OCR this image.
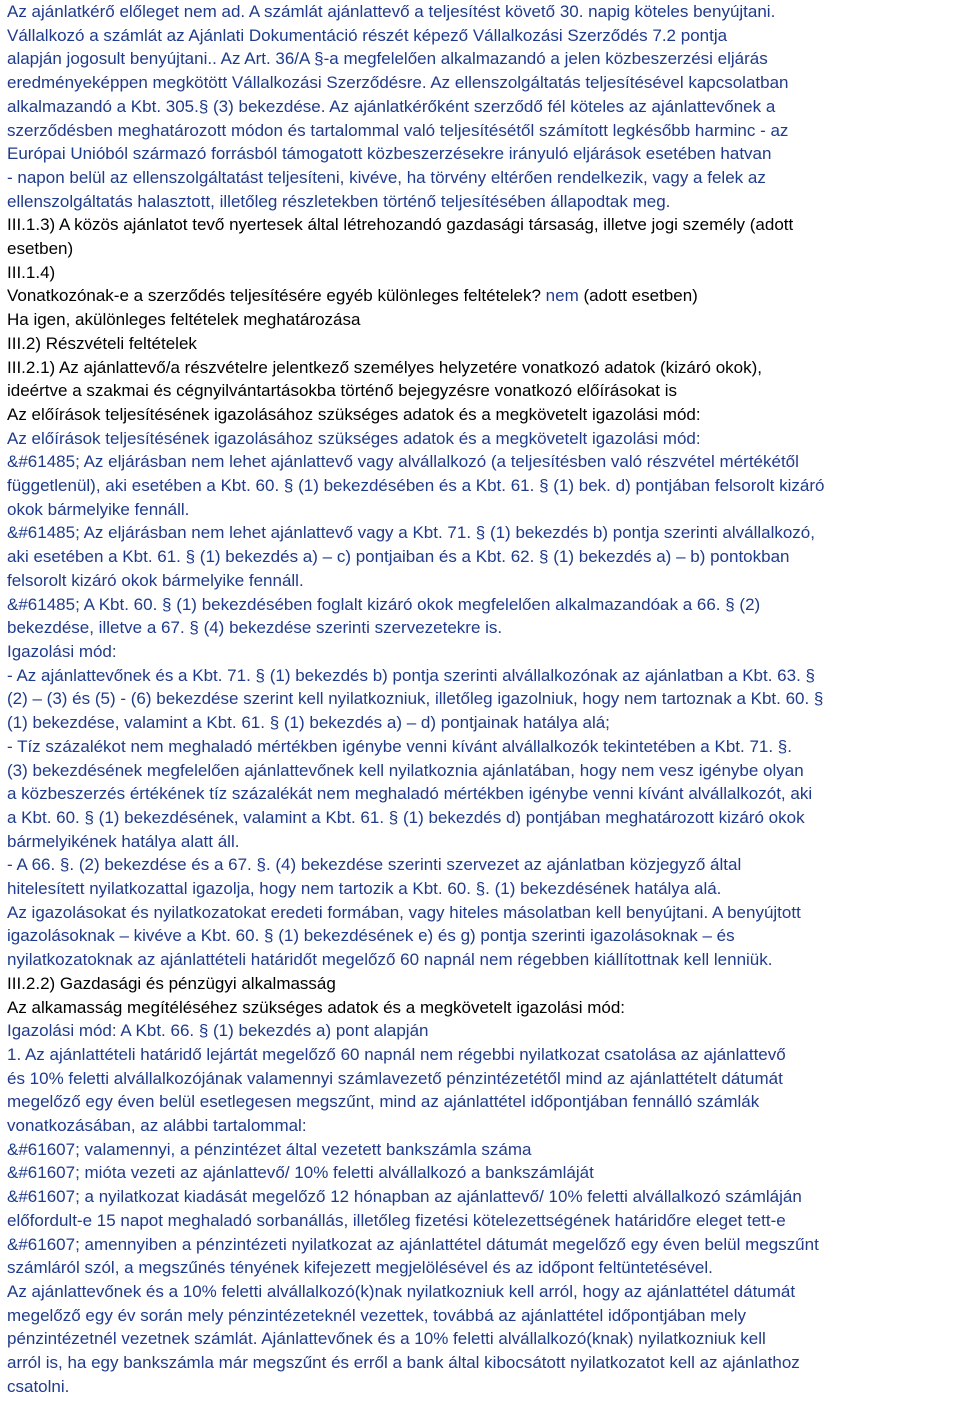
Az ajánlatkérő előleget nem ad. A számlát ajánlattevő a teljesítést követő 30. napig köteles benyújtani.
Vállalkozó a számlát az Ajánlati Dokumentáció részét képező Vállalkozási Szerződés 7.2 pontja
alapján jogosult benyújtani.. Az Art. 36/A §-a megfelelően alkalmazandó a jelen közbeszerzési eljárás
eredményeképpen megkötött Vállalkozási Szerződésre. Az ellenszolgáltatás teljesítésével kapcsolatban
alkalmazandó a Kbt. 305.§ (3) bekezdése. Az ajánlatkérőként szerződő fél köteles az ajánlattevőnek a
szerződésben meghatározott módon és tartalommal való teljesítésétől számított legkésőbb harminc - az
Európai Unióból származó forrásból támogatott közbeszerzésekre irányuló eljárások esetében hatvan
- napon belül az ellenszolgáltatást teljesíteni, kivéve, ha törvény eltérően rendelkezik, vagy a felek az
ellenszolgáltatás halasztott, illetőleg részletekben történő teljesítésében állapodtak meg.
III.1.3) A közös ajánlatot tevő nyertesek által létrehozandó gazdasági társaság, illetve jogi személy (adott
esetben)
III.1.4)
Vonatkozónak-e a szerződés teljesítésére egyéb különleges feltételek? nem (adott esetben)
Ha igen, akülönleges feltételek meghatározása
III.2) Részvételi feltételek
III.2.1) Az ajánlattevő/a részvételre jelentkező személyes helyzetére vonatkozó adatok (kizáró okok),
ideértve a szakmai és cégnyilvántartásokba történő bejegyzésre vonatkozó előírásokat is
Az előírások teljesítésének igazolásához szükséges adatok és a megkövetelt igazolási mód:
Az előírások teljesítésének igazolásához szükséges adatok és a megkövetelt igazolási mód:
&#61485; Az eljárásban nem lehet ajánlattevő vagy alvállalkozó (a teljesítésben való részvétel mértékétől
függetlenül), aki esetében a Kbt. 60. § (1) bekezdésében és a Kbt. 61. § (1) bek. d) pontjában felsorolt kizáró
okok bármelyike fennáll.
&#61485; Az eljárásban nem lehet ajánlattevő vagy a Kbt. 71. § (1) bekezdés b) pontja szerinti alvállalkozó,
aki esetében a Kbt. 61. § (1) bekezdés a) – c) pontjaiban és a Kbt. 62. § (1) bekezdés a) – b) pontokban
felsorolt kizáró okok bármelyike fennáll.
&#61485; A Kbt. 60. § (1) bekezdésében foglalt kizáró okok megfelelően alkalmazandóak a 66. § (2)
bekezdése, illetve a 67. § (4) bekezdése szerinti szervezetekre is.
Igazolási mód:
- Az ajánlattevőnek és a Kbt. 71. § (1) bekezdés b) pontja szerinti alvállalkozónak az ajánlatban a Kbt. 63. §
(2) – (3) és (5) - (6) bekezdése szerint kell nyilatkozniuk, illetőleg igazolniuk, hogy nem tartoznak a Kbt. 60. §
(1) bekezdése, valamint a Kbt. 61. § (1) bekezdés a) – d) pontjainak hatálya alá;
- Tíz százalékot nem meghaladó mértékben igénybe venni kívánt alvállalkozók tekintetében a Kbt. 71. §.
(3) bekezdésének megfelelően ajánlattevőnek kell nyilatkoznia ajánlatában, hogy nem vesz igénybe olyan
a közbeszerzés értékének tíz százalékát nem meghaladó mértékben igénybe venni kívánt alvállalkozót, aki
a Kbt. 60. § (1) bekezdésének, valamint a Kbt. 61. § (1) bekezdés d) pontjában meghatározott kizáró okok
bármelyikének hatálya alatt áll.
- A 66. §. (2) bekezdése és a 67. §. (4) bekezdése szerinti szervezet az ajánlatban közjegyző által
hitelesített nyilatkozattal igazolja, hogy nem tartozik a Kbt. 60. §. (1) bekezdésének hatálya alá.
Az igazolásokat és nyilatkozatokat eredeti formában, vagy hiteles másolatban kell benyújtani. A benyújtott
igazolásoknak – kivéve a Kbt. 60. § (1) bekezdésének e) és g) pontja szerinti igazolásoknak – és
nyilatkozatoknak az ajánlattételi határidőt megelőző 60 napnál nem régebben kiállítottnak kell lenniük.
III.2.2) Gazdasági és pénzügyi alkalmasság
Az alkamasság megítéléséhez szükséges adatok és a megkövetelt igazolási mód:
Igazolási mód: A Kbt. 66. § (1) bekezdés a) pont alapján
1. Az ajánlattételi határidő lejártát megelőző 60 napnál nem régebbi nyilatkozat csatolása az ajánlattevő
és 10% feletti alvállalkozójának valamennyi számlavezető pénzintézetétől mind az ajánlattételt dátumát
megelőző egy éven belül esetlegesen megszűnt, mind az ajánlattétel időpontjában fennálló számlák
vonatkozásában, az alábbi tartalommal:
&#61607; valamennyi, a pénzintézet által vezetett bankszámla száma
&#61607; mióta vezeti az ajánlattevő/ 10% feletti alvállalkozó a bankszámláját
&#61607; a nyilatkozat kiadását megelőző 12 hónapban az ajánlattevő/ 10% feletti alvállalkozó számláján
előfordult-e 15 napot meghaladó sorbanállás, illetőleg fizetési kötelezettségének határidőre eleget tett-e
&#61607; amennyiben a pénzintézeti nyilatkozat az ajánlattétel dátumát megelőző egy éven belül megszűnt
számláról szól, a megszűnés tényének kifejezett megjelölésével és az időpont feltüntetésével.
Az ajánlattevőnek és a 10% feletti alvállalkozó(k)nak nyilatkozniuk kell arról, hogy az ajánlattétel dátumát
megelőző egy év során mely pénzintézeteknél vezettek, továbbá az ajánlattétel időpontjában mely
pénzintézetnél vezetnek számlát. Ajánlattevőnek és a 10% feletti alvállalkozó(knak) nyilatkozniuk kell
arról is, ha egy bankszámla már megszűnt és erről a bank által kibocsátott nyilatkozatot kell az ajánlathoz
csatolni.
